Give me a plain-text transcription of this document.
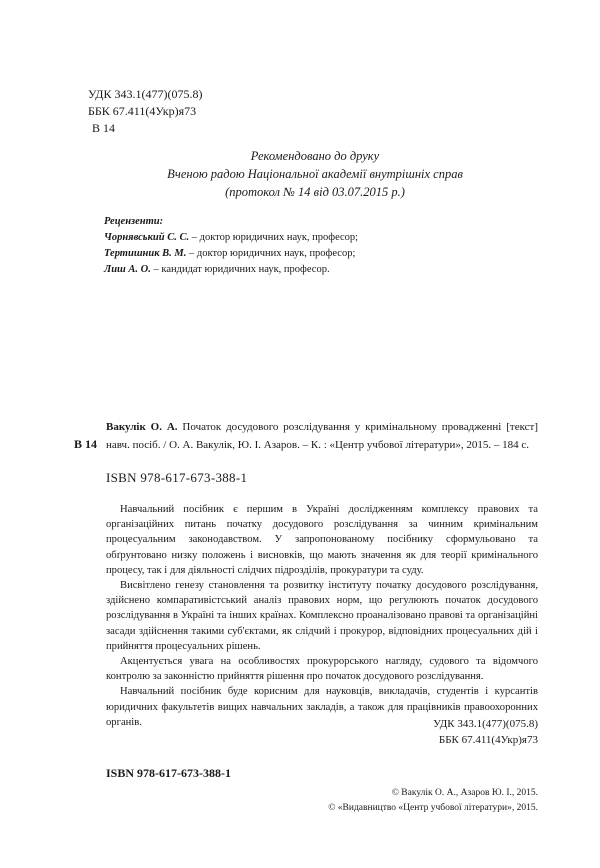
УДК 343.1(477)(075.8)
ББК 67.411(4Укр)я73
В 14
Рекомендовано до друку
Вченою радою Національної академії внутрішніх справ
(протокол № 14 від 03.07.2015 р.)
Рецензенти:
Чорнявський С. С. – доктор юридичних наук, професор;
Тертишник В. М. – доктор юридичних наук, професор;
Лиш А. О. – кандидат юридичних наук, професор.
В 14
Вакулік О. А. Початок досудового розслідування у кримінальному провадженні [текст] навч. посіб. / О. А. Вакулік, Ю. І. Азаров. – К. : «Центр учбової літератури», 2015. – 184 с.
ISBN 978-617-673-388-1

Навчальний посібник є першим в Україні дослідженням комплексу правових та організаційних питань початку досудового розслідування за чинним кримінальним процесуальним законодавством. У запропонованому посібнику сформульовано та обґрунтовано низку положень і висновків, що мають значення як для теорії кримінального процесу, так і для діяльності слідчих підрозділів, прокуратури та суду.

Висвітлено генезу становлення та розвитку інституту початку досудового розслідування, здійснено компаративістський аналіз правових норм, що регулюють початок досудового розслідування в Україні та інших країнах. Комплексно проаналізовано правові та організаційні засади здійснення такими суб'єктами, як слідчий і прокурор, відповідних процесуальних дій і прийняття процесуальних рішень.

Акцентується увага на особливостях прокурорського нагляду, судового та відомчого контролю за законністю прийняття рішення про початок досудового розслідування.

Навчальний посібник буде корисним для науковців, викладачів, студентів і курсантів юридичних факультетів вищих навчальних закладів, а також для працівників правоохоронних органів.	УДК 343.1(477)(075.8)
ББК 67.411(4Укр)я73
ISBN 978-617-673-388-1
© Вакулік О. А., Азаров Ю. І., 2015.
© «Видавництво «Центр учбової літератури», 2015.
